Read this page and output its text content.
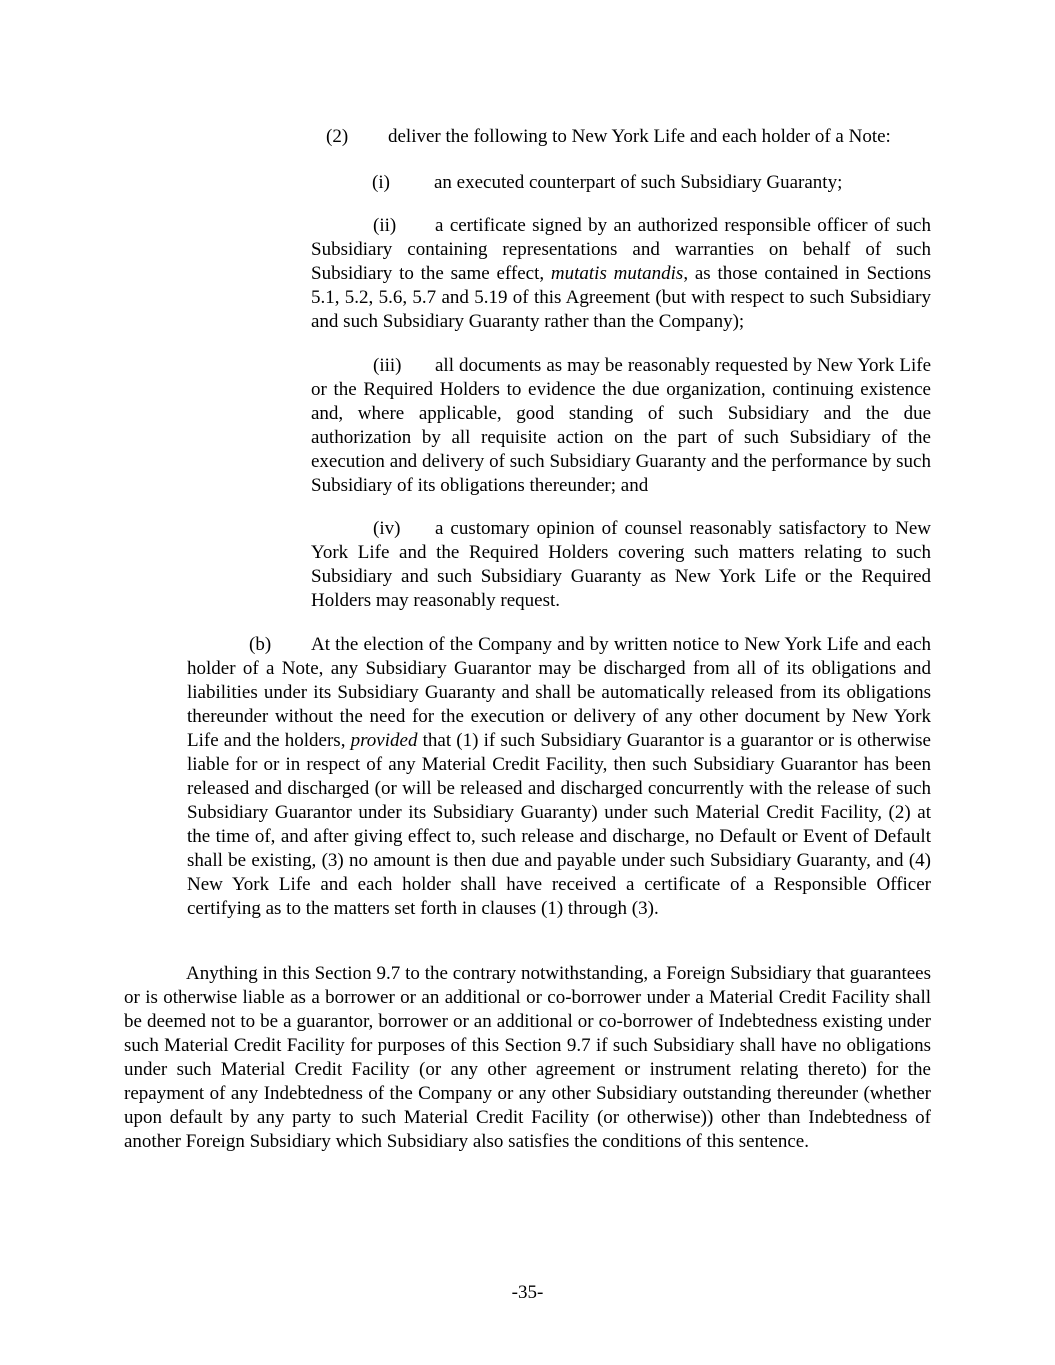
(2) deliver the following to New York Life and each holder of a Note:

(i) an executed counterpart of such Subsidiary Guaranty;

(ii) a certificate signed by an authorized responsible officer of such Subsidiary containing representations and warranties on behalf of such Subsidiary to the same effect, mutatis mutandis, as those contained in Sections 5.1, 5.2, 5.6, 5.7 and 5.19 of this Agreement (but with respect to such Subsidiary and such Subsidiary Guaranty rather than the Company);

(iii) all documents as may be reasonably requested by New York Life or the Required Holders to evidence the due organization, continuing existence and, where applicable, good standing of such Subsidiary and the due authorization by all requisite action on the part of such Subsidiary of the execution and delivery of such Subsidiary Guaranty and the performance by such Subsidiary of its obligations thereunder; and

(iv) a customary opinion of counsel reasonably satisfactory to New York Life and the Required Holders covering such matters relating to such Subsidiary and such Subsidiary Guaranty as New York Life or the Required Holders may reasonably request.

(b) At the election of the Company and by written notice to New York Life and each holder of a Note, any Subsidiary Guarantor may be discharged from all of its obligations and liabilities under its Subsidiary Guaranty and shall be automatically released from its obligations thereunder without the need for the execution or delivery of any other document by New York Life and the holders, provided that (1) if such Subsidiary Guarantor is a guarantor or is otherwise liable for or in respect of any Material Credit Facility, then such Subsidiary Guarantor has been released and discharged (or will be released and discharged concurrently with the release of such Subsidiary Guarantor under its Subsidiary Guaranty) under such Material Credit Facility, (2) at the time of, and after giving effect to, such release and discharge, no Default or Event of Default shall be existing, (3) no amount is then due and payable under such Subsidiary Guaranty, and (4) New York Life and each holder shall have received a certificate of a Responsible Officer certifying as to the matters set forth in clauses (1) through (3).

Anything in this Section 9.7 to the contrary notwithstanding, a Foreign Subsidiary that guarantees or is otherwise liable as a borrower or an additional or co-borrower under a Material Credit Facility shall be deemed not to be a guarantor, borrower or an additional or co-borrower of Indebtedness existing under such Material Credit Facility for purposes of this Section 9.7 if such Subsidiary shall have no obligations under such Material Credit Facility (or any other agreement or instrument relating thereto) for the repayment of any Indebtedness of the Company or any other Subsidiary outstanding thereunder (whether upon default by any party to such Material Credit Facility (or otherwise)) other than Indebtedness of another Foreign Subsidiary which Subsidiary also satisfies the conditions of this sentence.

-35-
